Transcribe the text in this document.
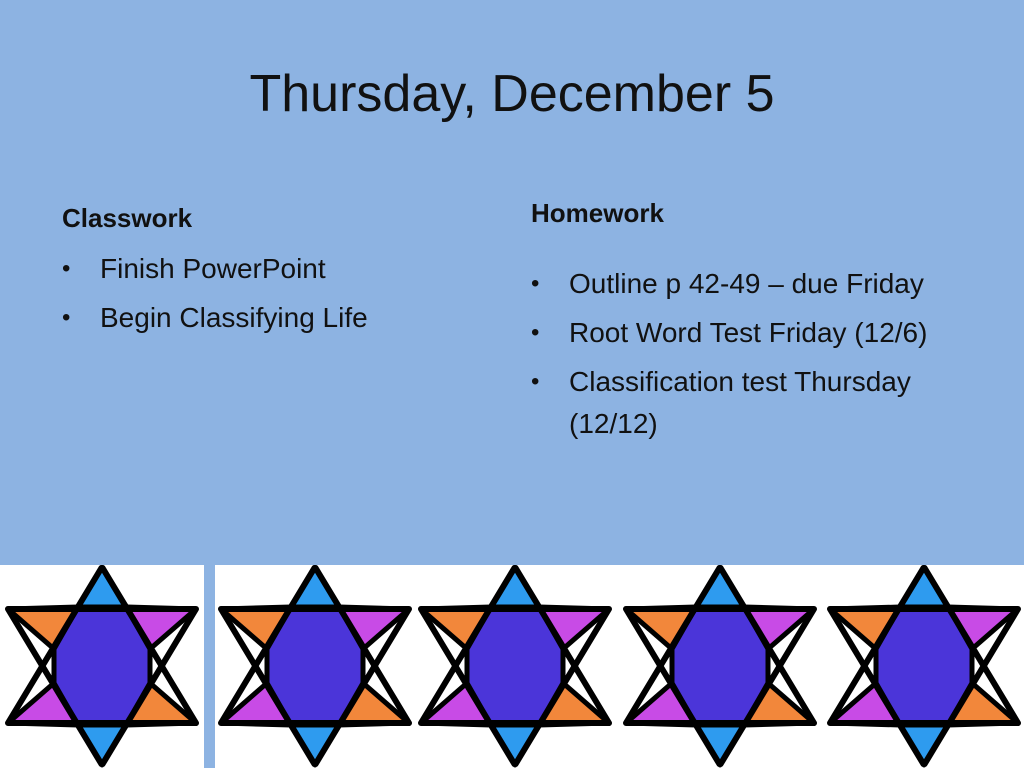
Thursday, December 5

Classwork

• Finish PowerPoint
• Begin Classifying Life

Homework

• Outline p 42-49 – due Friday
• Root Word Test Friday (12/6)
• Classification test Thursday (12/12)
